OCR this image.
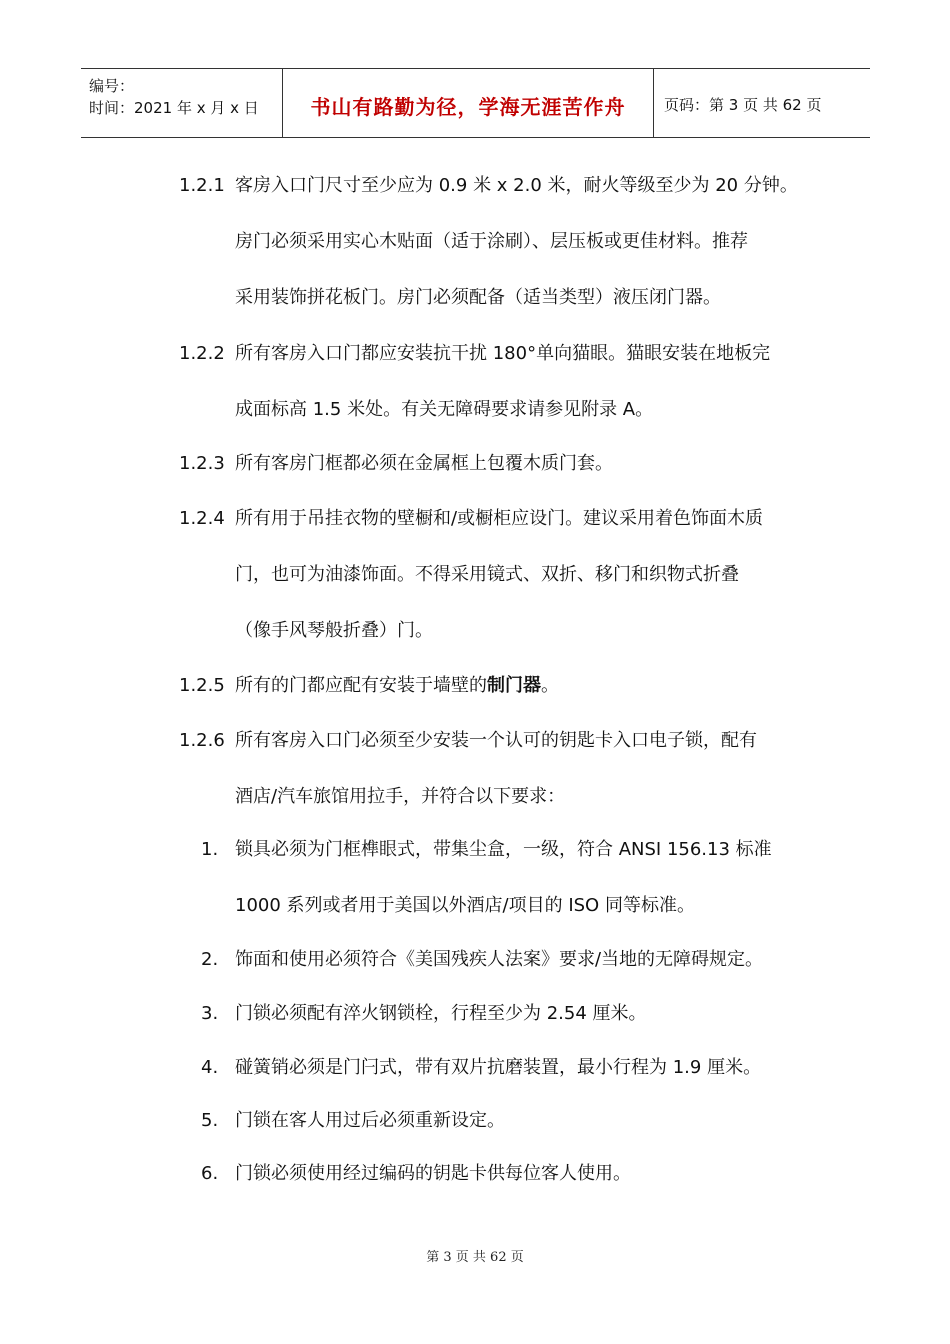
编号：
时间：2021 年 x 月 x 日	书山有路勤为径，学海无涯苦作舟	页码：第 3 页 共 62 页
1.2.1 客房入口门尺寸至少应为 0.9 米 x 2.0 米，耐火等级至少为 20 分钟。
房门必须采用实心木贴面（适于涂刷）、层压板或更佳材料。推荐
采用装饰拼花板门。房门必须配备（适当类型）液压闭门器。
1.2.2 所有客房入口门都应安装抗干扰 180°单向猫眼。猫眼安装在地板完
成面标高 1.5 米处。有关无障碍要求请参见附录 A。
1.2.3 所有客房门框都必须在金属框上包覆木质门套。
1.2.4 所有用于吊挂衣物的壁橱和/或橱柜应设门。建议采用着色饰面木质
门，也可为油漆饰面。不得采用镜式、双折、移门和织物式折叠
（像手风琴般折叠）门。
1.2.5 所有的门都应配有安装于墙壁的制门器。
1.2.6 所有客房入口门必须至少安装一个认可的钥匙卡入口电子锁，配有
酒店/汽车旅馆用拉手，并符合以下要求：
1. 锁具必须为门框榫眼式，带集尘盒，一级，符合 ANSI 156.13 标准
1000 系列或者用于美国以外酒店/项目的 ISO 同等标准。
2. 饰面和使用必须符合《美国残疾人法案》要求/当地的无障碍规定。
3. 门锁必须配有淬火钢锁栓，行程至少为 2.54 厘米。
4. 碰簧销必须是门闩式，带有双片抗磨装置，最小行程为 1.9 厘米。
5. 门锁在客人用过后必须重新设定。
6. 门锁必须使用经过编码的钥匙卡供每位客人使用。
第 3 页 共 62 页
